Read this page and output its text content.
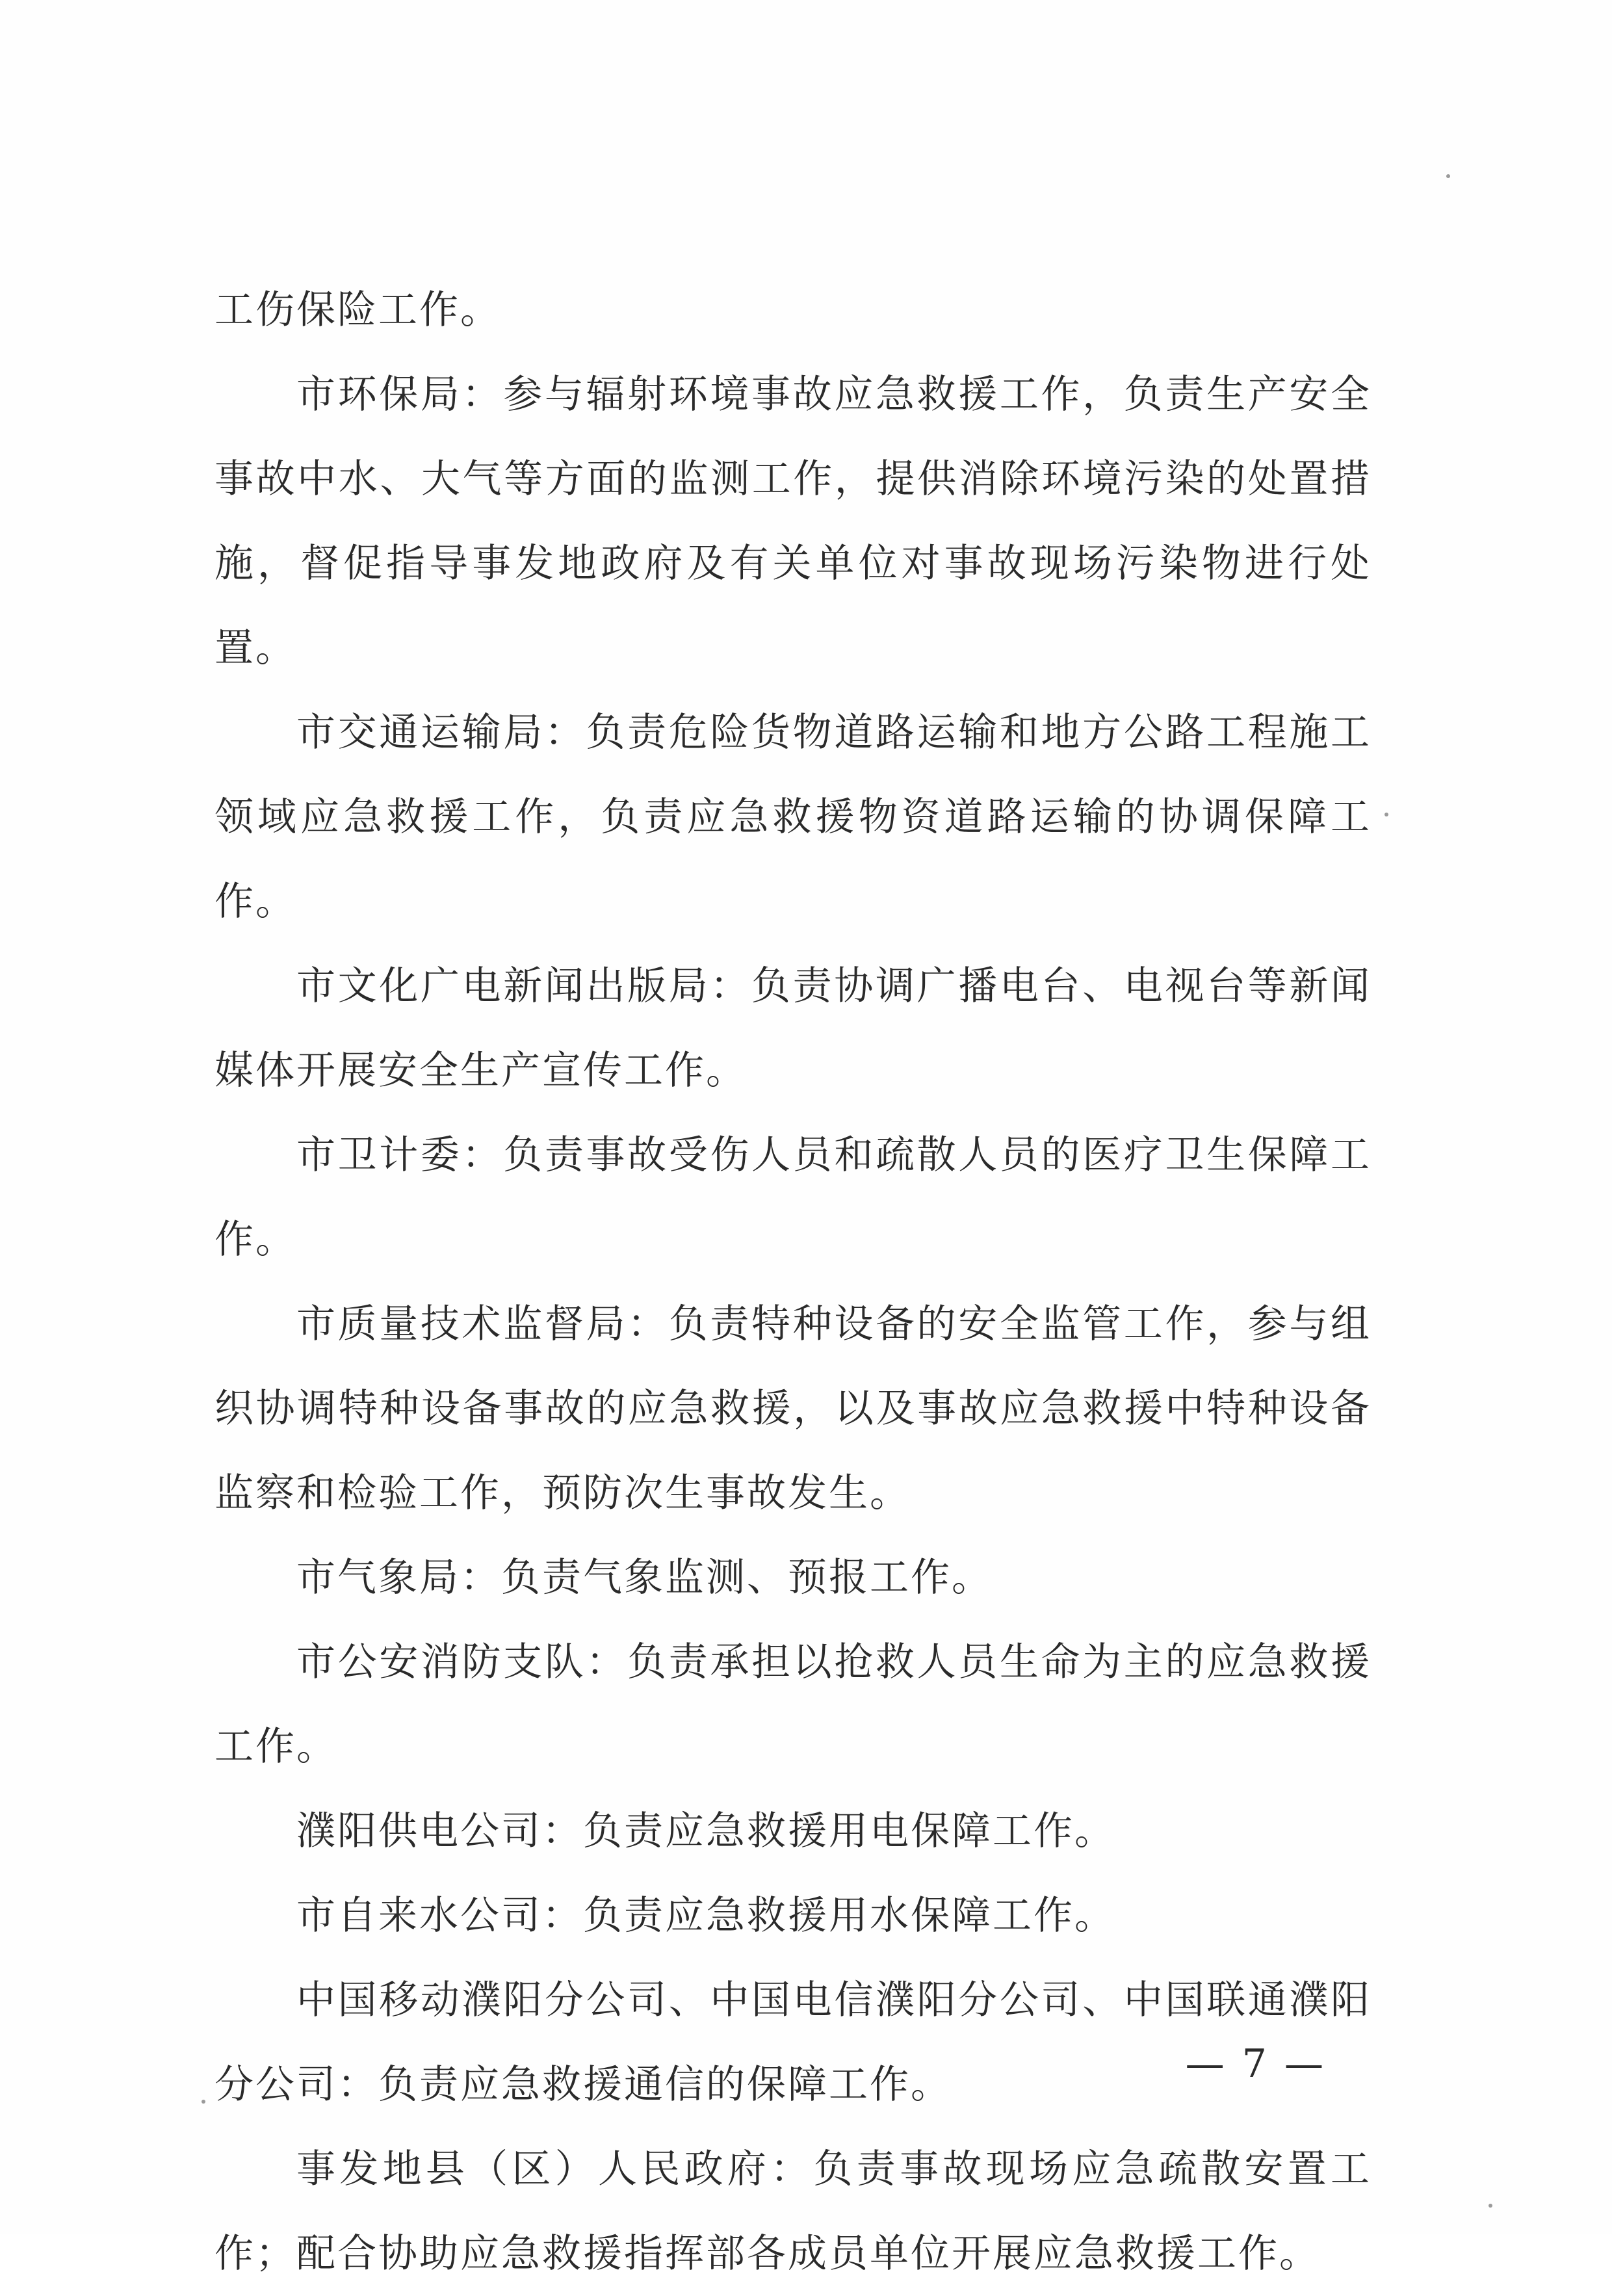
工伤保险工作。

市环保局：参与辐射环境事故应急救援工作，负责生产安全事故中水、大气等方面的监测工作，提供消除环境污染的处置措施，督促指导事发地政府及有关单位对事故现场污染物进行处置。

市交通运输局：负责危险货物道路运输和地方公路工程施工领域应急救援工作，负责应急救援物资道路运输的协调保障工作。

市文化广电新闻出版局：负责协调广播电台、电视台等新闻媒体开展安全生产宣传工作。

市卫计委：负责事故受伤人员和疏散人员的医疗卫生保障工作。

市质量技术监督局：负责特种设备的安全监管工作，参与组织协调特种设备事故的应急救援，以及事故应急救援中特种设备监察和检验工作，预防次生事故发生。

市气象局：负责气象监测、预报工作。

市公安消防支队：负责承担以抢救人员生命为主的应急救援工作。

濮阳供电公司：负责应急救援用电保障工作。

市自来水公司：负责应急救援用水保障工作。

中国移动濮阳分公司、中国电信濮阳分公司、中国联通濮阳分公司：负责应急救援通信的保障工作。

事发地县（区）人民政府：负责事故现场应急疏散安置工作；配合协助应急救援指挥部各成员单位开展应急救援工作。

— 7 —
